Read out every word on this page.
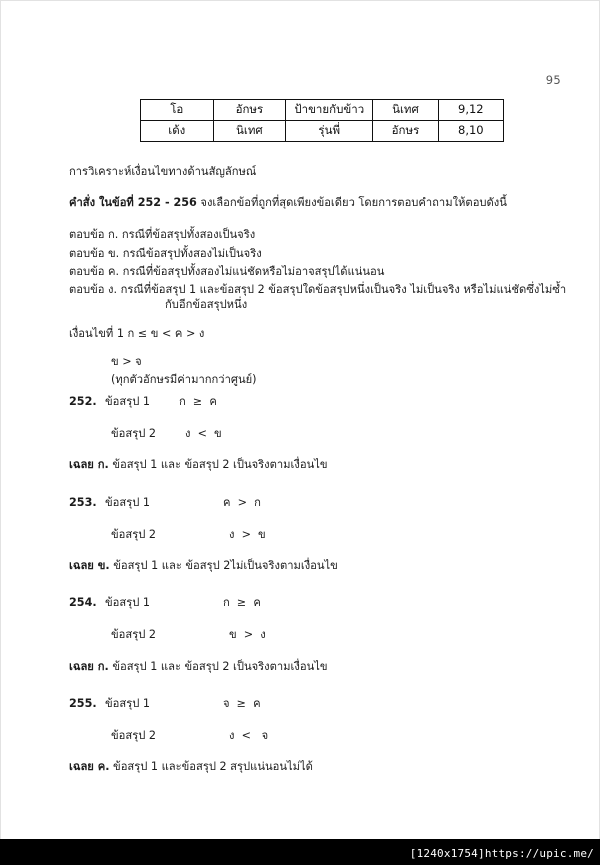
95
โอ	อักษร	ป้าขายกับข้าว	นิเทศ	9,12
เด้ง	นิเทศ	รุ่นพี่	อักษร	8,10
การวิเคราะห์เงื่อนไขทางด้านสัญลักษณ์
คำสั่ง ในข้อที่ 252 - 256 จงเลือกข้อที่ถูกที่สุดเพียงข้อเดียว โดยการตอบคำถามให้ตอบดังนี้
ตอบข้อ ก. กรณีที่ข้อสรุปทั้งสองเป็นจริง
ตอบข้อ ข. กรณีข้อสรุปทั้งสองไม่เป็นจริง
ตอบข้อ ค. กรณีที่ข้อสรุปทั้งสองไม่แน่ชัดหรือไม่อาจสรุปได้แน่นอน
ตอบข้อ ง. กรณีที่ข้อสรุป 1 และข้อสรุป 2 ข้อสรุปใดข้อสรุปหนึ่งเป็นจริง ไม่เป็นจริง หรือไม่แน่ชัดซึ่งไม่ซ้ำ
กับอีกข้อสรุปหนึ่ง
เงื่อนไขที่ 1 ก ≤ ข < ค > ง
ข > จ
(ทุกตัวอักษรมีค่ามากกว่าศูนย์)
252. ข้อสรุป 1	ก  ≥  ค
ข้อสรุป 2	ง  <  ข
เฉลย ก. ข้อสรุป 1 และ ข้อสรุป 2 เป็นจริงตามเงื่อนไข
253. ข้อสรุป 1	ค  >  ก
ข้อสรุป 2	ง  >  ข
เฉลย ข. ข้อสรุป 1 และ ข้อสรุป 2ไม่เป็นจริงตามเงื่อนไข
254. ข้อสรุป 1	ก  ≥  ค
ข้อสรุป 2	ข  >  ง
เฉลย ก. ข้อสรุป 1 และ ข้อสรุป 2 เป็นจริงตามเงื่อนไข
255. ข้อสรุป 1	จ  ≥  ค
ข้อสรุป 2	ง  <   จ
เฉลย ค. ข้อสรุป 1 และข้อสรุป 2 สรุปแน่นอนไม่ได้
[1240x1754]https://upic.me/
